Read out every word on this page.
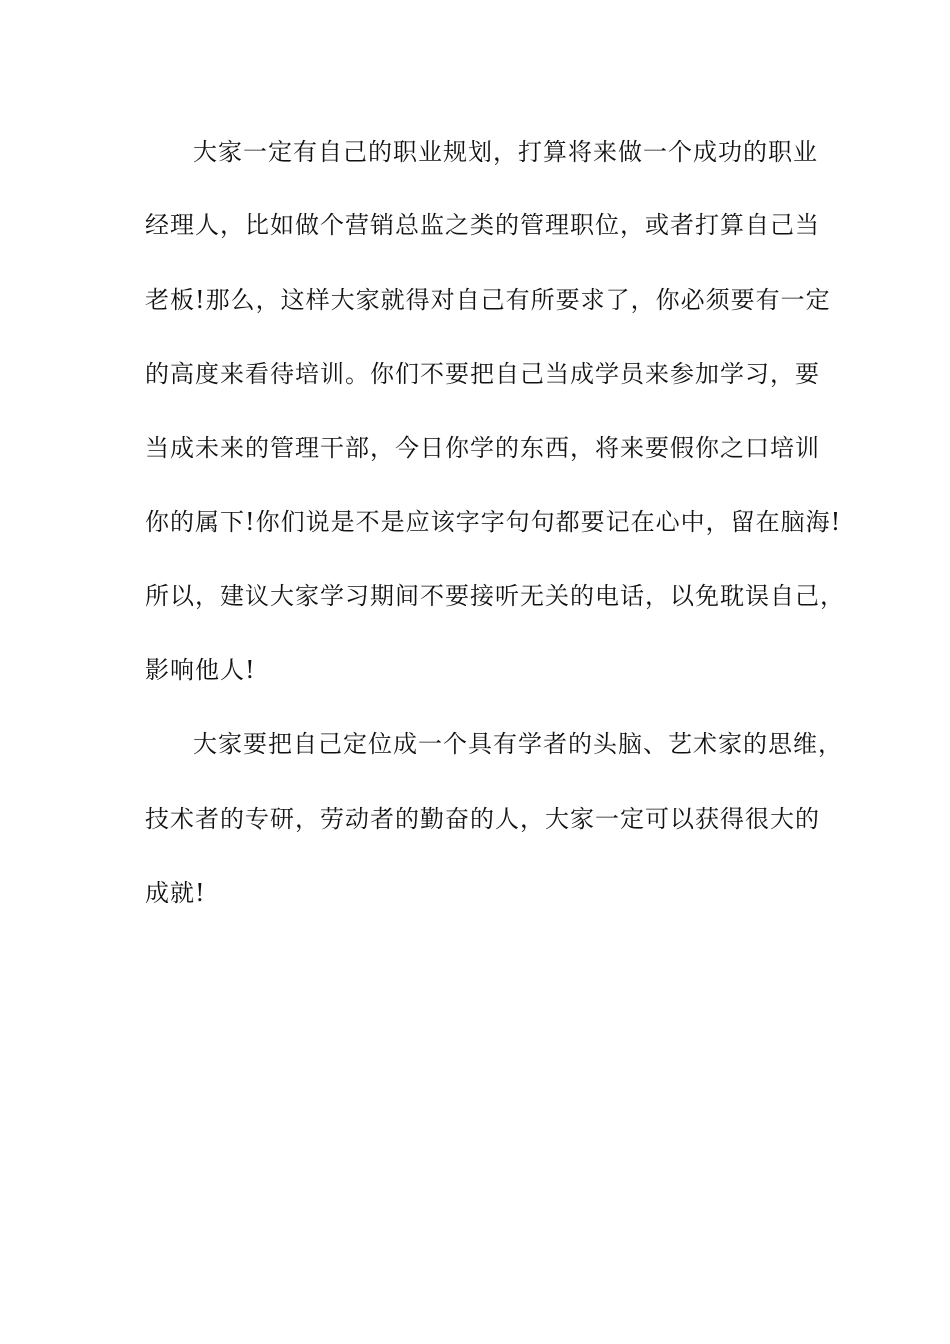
大家一定有自己的职业规划，打算将来做一个成功的职业

经理人，比如做个营销总监之类的管理职位，或者打算自己当

老板!那么，这样大家就得对自己有所要求了，你必须要有一定

的高度来看待培训。你们不要把自己当成学员来参加学习，要

当成未来的管理干部，今日你学的东西，将来要假你之口培训

你的属下!你们说是不是应该字字句句都要记在心中，留在脑海!

所以，建议大家学习期间不要接听无关的电话，以免耽误自己，

影响他人!

大家要把自己定位成一个具有学者的头脑、艺术家的思维，

技术者的专研，劳动者的勤奋的人，大家一定可以获得很大的

成就!
